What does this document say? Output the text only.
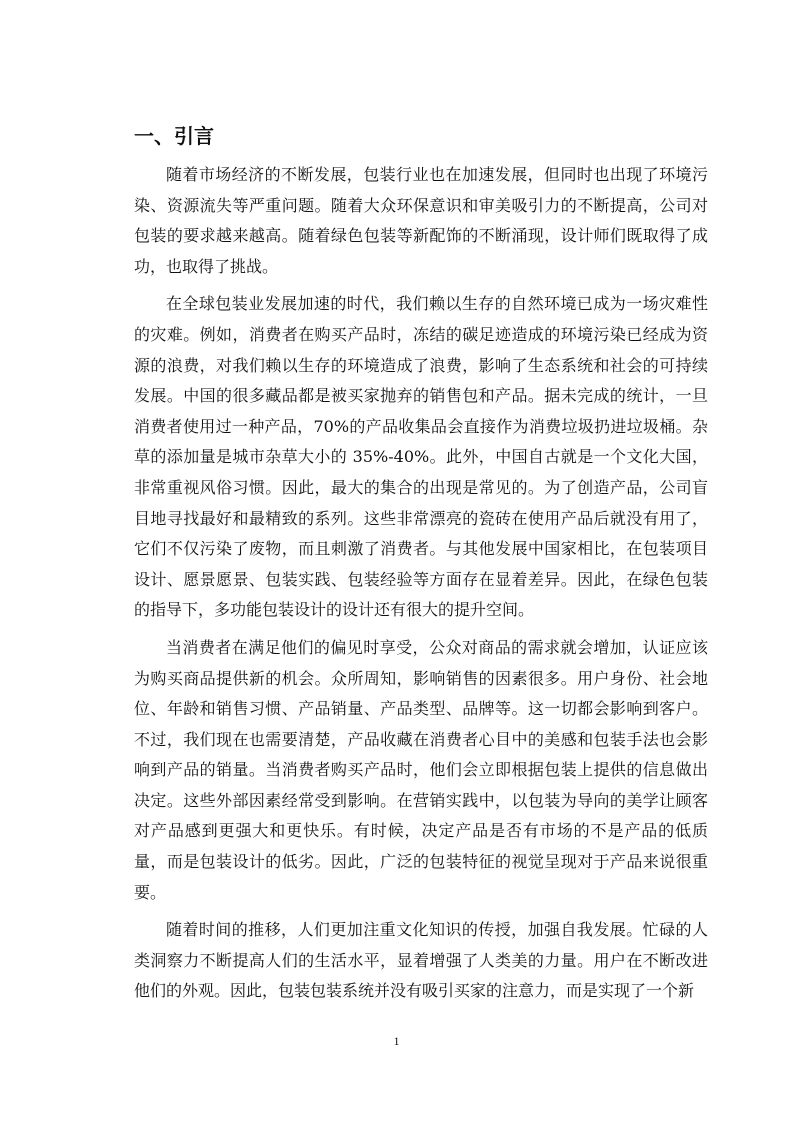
一、引言

随着市场经济的不断发展，包装行业也在加速发展，但同时也出现了环境污染、资源流失等严重问题。随着大众环保意识和审美吸引力的不断提高，公司对包装的要求越来越高。随着绿色包装等新配饰的不断涌现，设计师们既取得了成功，也取得了挑战。

在全球包装业发展加速的时代，我们赖以生存的自然环境已成为一场灾难性的灾难。例如，消费者在购买产品时，冻结的碳足迹造成的环境污染已经成为资源的浪费，对我们赖以生存的环境造成了浪费，影响了生态系统和社会的可持续发展。中国的很多藏品都是被买家抛弃的销售包和产品。据未完成的统计，一旦消费者使用过一种产品，70%的产品收集品会直接作为消费垃圾扔进垃圾桶。杂草的添加量是城市杂草大小的 35%-40%。此外，中国自古就是一个文化大国，非常重视风俗习惯。因此，最大的集合的出现是常见的。为了创造产品，公司盲目地寻找最好和最精致的系列。这些非常漂亮的瓷砖在使用产品后就没有用了，它们不仅污染了废物，而且刺激了消费者。与其他发展中国家相比，在包装项目设计、愿景愿景、包装实践、包装经验等方面存在显着差异。因此，在绿色包装的指导下，多功能包装设计的设计还有很大的提升空间。

当消费者在满足他们的偏见时享受，公众对商品的需求就会增加，认证应该为购买商品提供新的机会。众所周知，影响销售的因素很多。用户身份、社会地位、年龄和销售习惯、产品销量、产品类型、品牌等。这一切都会影响到客户。不过，我们现在也需要清楚，产品收藏在消费者心目中的美感和包装手法也会影响到产品的销量。当消费者购买产品时，他们会立即根据包装上提供的信息做出决定。这些外部因素经常受到影响。在营销实践中，以包装为导向的美学让顾客对产品感到更强大和更快乐。有时候，决定产品是否有市场的不是产品的低质量，而是包装设计的低劣。因此，广泛的包装特征的视觉呈现对于产品来说很重要。

随着时间的推移，人们更加注重文化知识的传授，加强自我发展。忙碌的人类洞察力不断提高人们的生活水平，显着增强了人类美的力量。用户在不断改进他们的外观。因此，包装包装系统并没有吸引买家的注意力，而是实现了一个新

1
